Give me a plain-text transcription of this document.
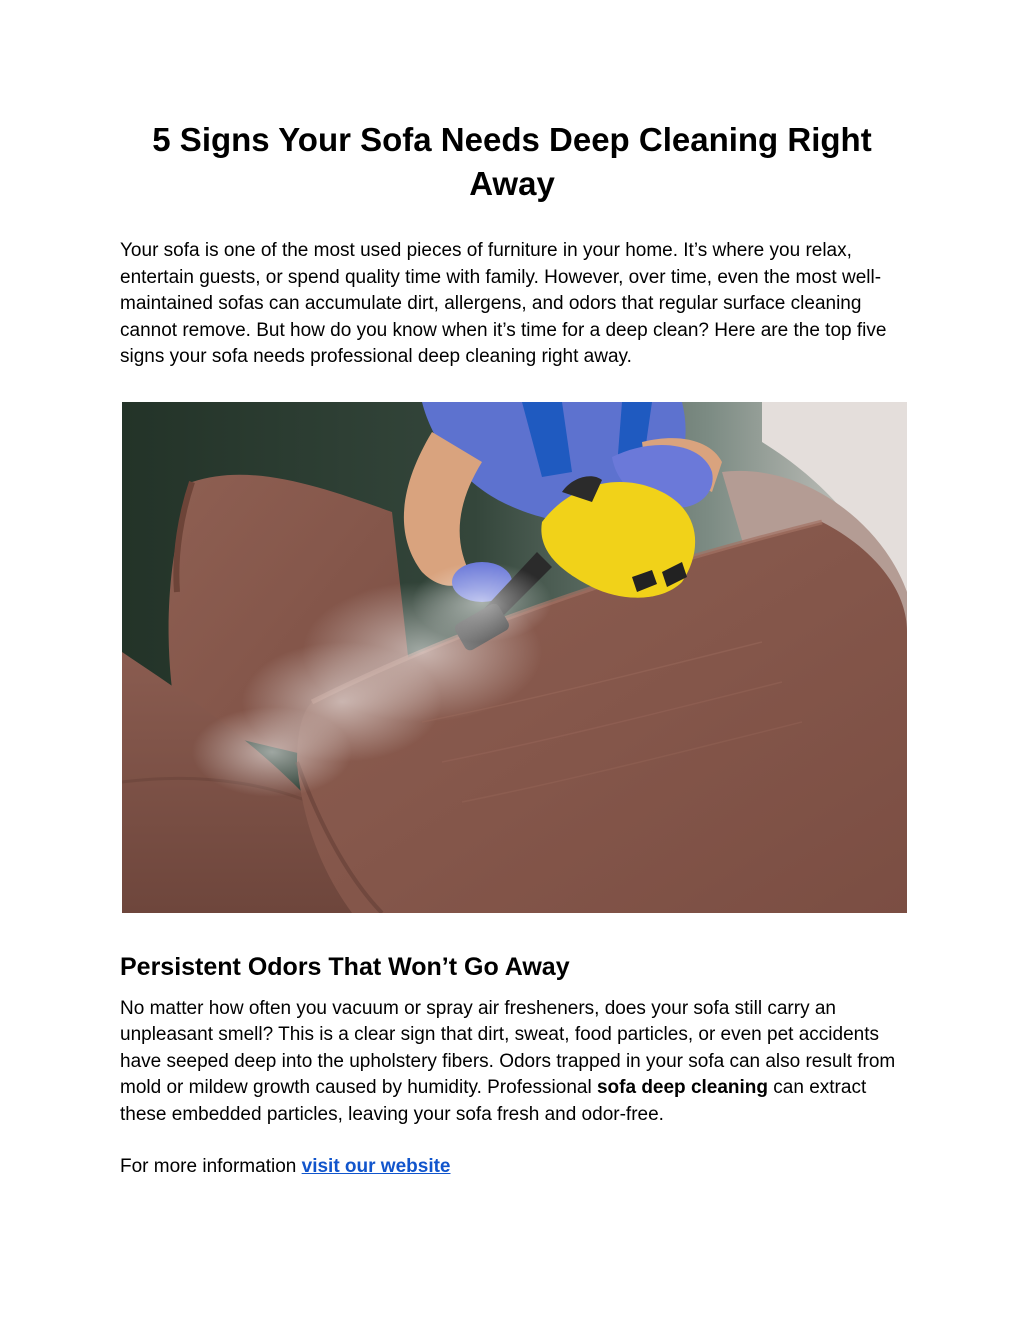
5 Signs Your Sofa Needs Deep Cleaning Right Away

Your sofa is one of the most used pieces of furniture in your home. It’s where you relax, entertain guests, or spend quality time with family. However, over time, even the most well-maintained sofas can accumulate dirt, allergens, and odors that regular surface cleaning cannot remove. But how do you know when it’s time for a deep clean? Here are the top five signs your sofa needs professional deep cleaning right away.

Persistent Odors That Won’t Go Away

No matter how often you vacuum or spray air fresheners, does your sofa still carry an unpleasant smell? This is a clear sign that dirt, sweat, food particles, or even pet accidents have seeped deep into the upholstery fibers. Odors trapped in your sofa can also result from mold or mildew growth caused by humidity. Professional sofa deep cleaning can extract these embedded particles, leaving your sofa fresh and odor-free.

For more information visit our website
